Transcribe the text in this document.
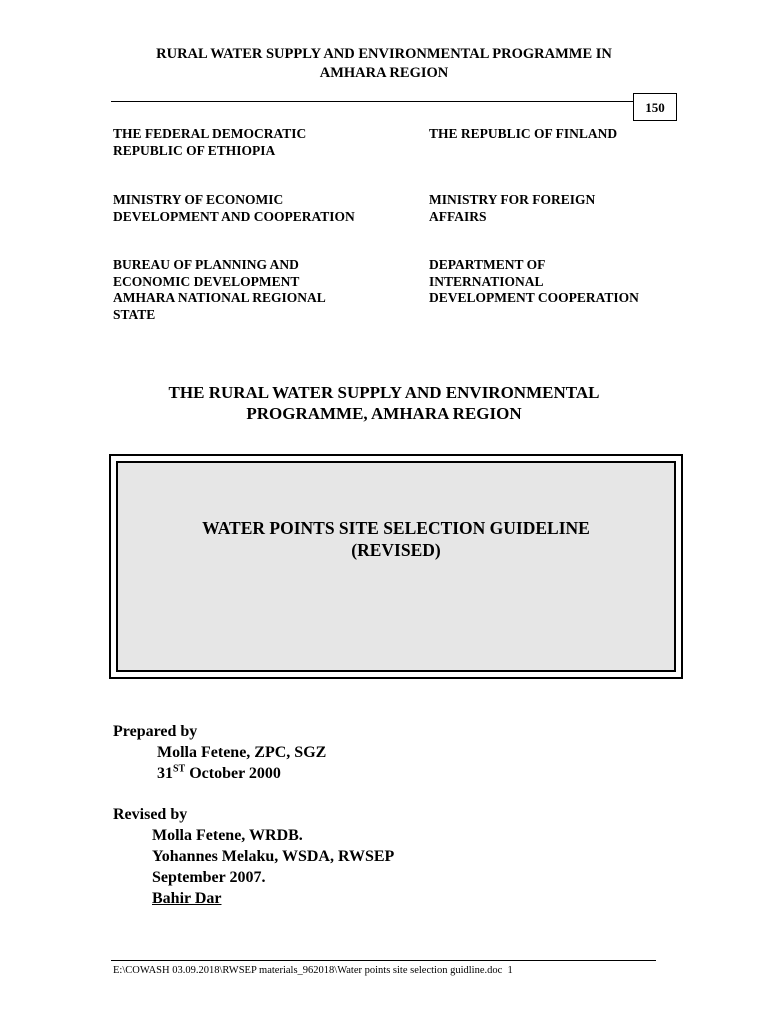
RURAL WATER SUPPLY AND ENVIRONMENTAL PROGRAMME IN
AMHARA REGION
150
THE FEDERAL DEMOCRATIC
REPUBLIC OF ETHIOPIA
MINISTRY OF ECONOMIC
DEVELOPMENT AND COOPERATION
BUREAU OF PLANNING AND
ECONOMIC DEVELOPMENT
AMHARA NATIONAL REGIONAL
STATE
THE REPUBLIC OF FINLAND
MINISTRY FOR FOREIGN
AFFAIRS
DEPARTMENT OF
INTERNATIONAL
DEVELOPMENT COOPERATION
THE RURAL WATER SUPPLY AND ENVIRONMENTAL
PROGRAMME, AMHARA REGION
WATER POINTS SITE SELECTION GUIDELINE
(REVISED)
Prepared by
Molla Fetene, ZPC, SGZ
31ST October 2000
Revised by
Molla Fetene, WRDB.
Yohannes Melaku, WSDA, RWSEP
September 2007.
Bahir Dar
E:\COWASH 03.09.2018\RWSEP materials_962018\Water points site selection guidline.doc 1
